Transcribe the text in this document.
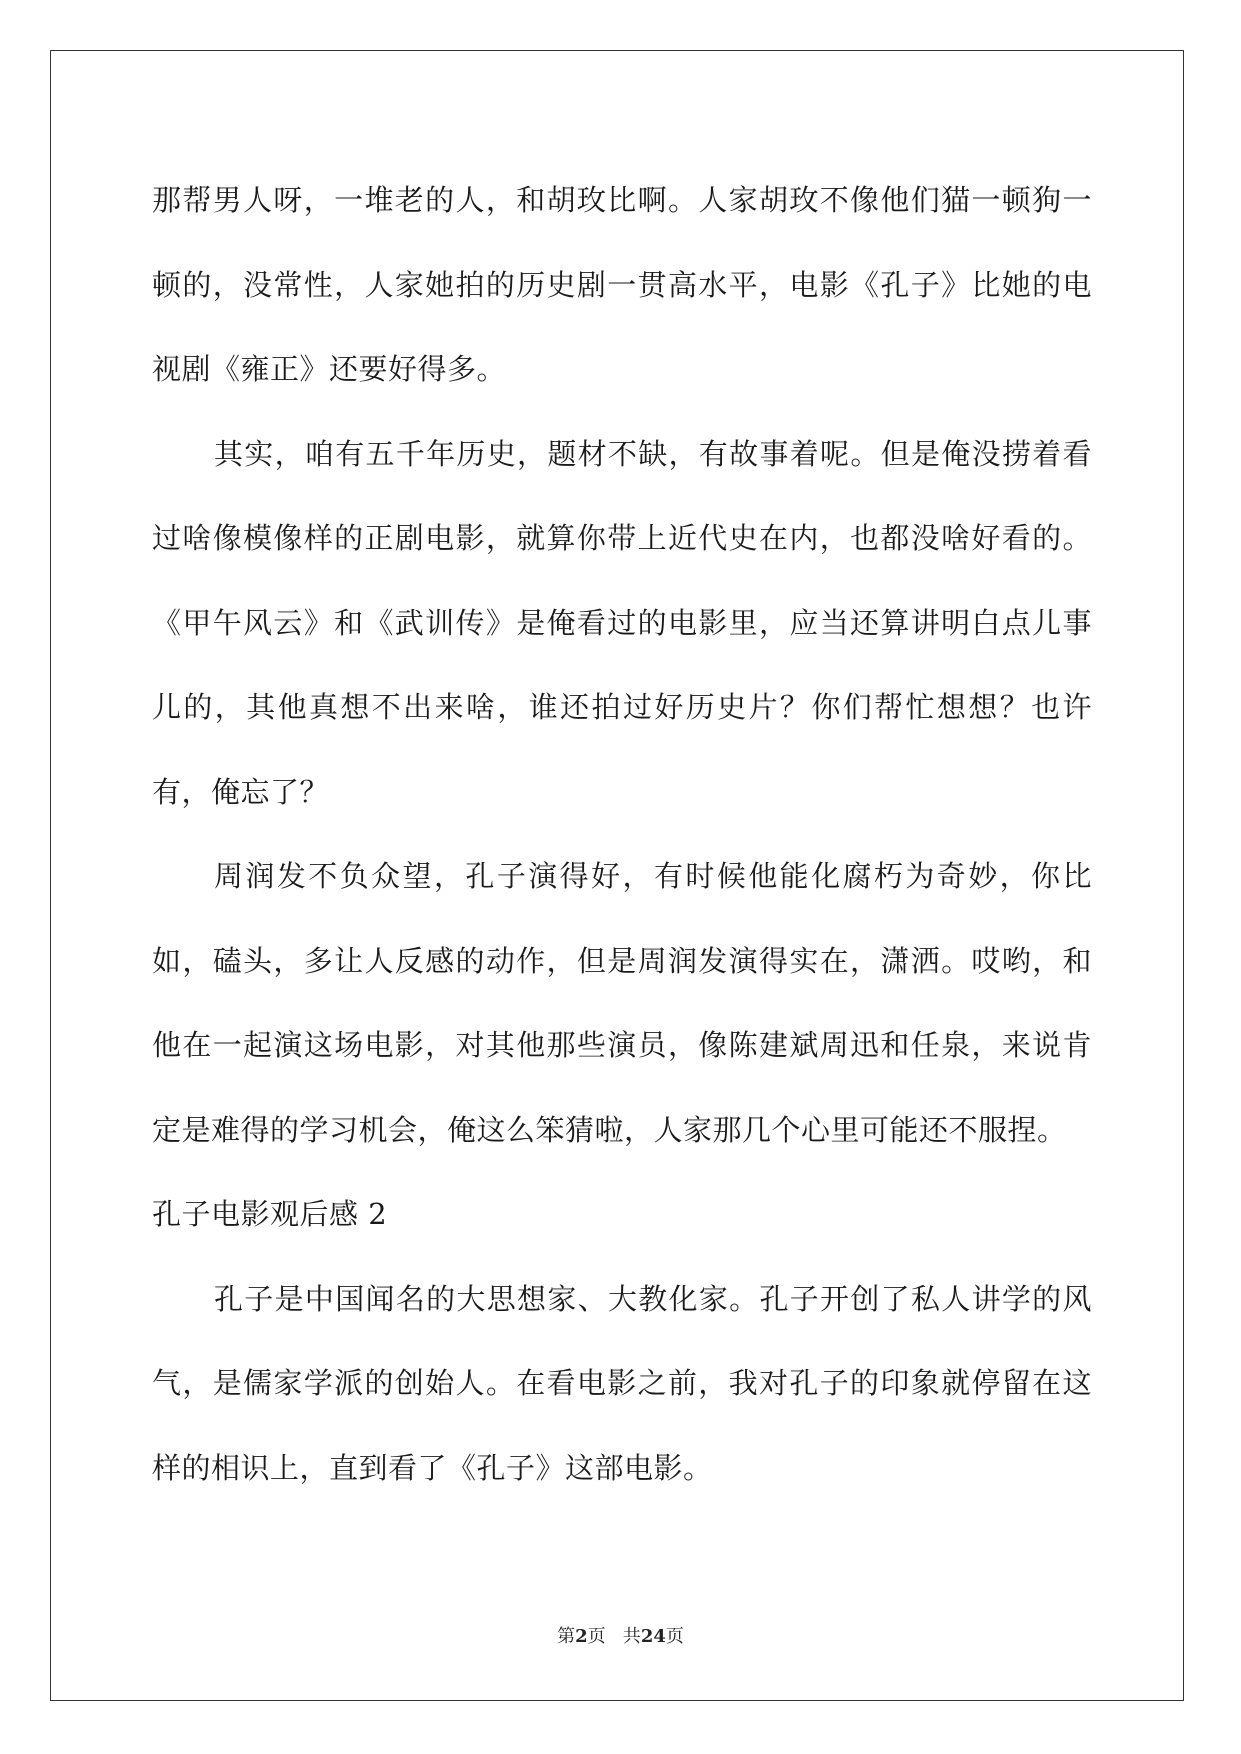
那帮男人呀，一堆老的人，和胡玫比啊。人家胡玫不像他们猫一顿狗一顿的，没常性，人家她拍的历史剧一贯高水平，电影《孔子》比她的电视剧《雍正》还要好得多。

其实，咱有五千年历史，题材不缺，有故事着呢。但是俺没捞着看过啥像模像样的正剧电影，就算你带上近代史在内，也都没啥好看的。《甲午风云》和《武训传》是俺看过的电影里，应当还算讲明白点儿事儿的，其他真想不出来啥，谁还拍过好历史片？你们帮忙想想？也许有，俺忘了？

周润发不负众望，孔子演得好，有时候他能化腐朽为奇妙，你比如，磕头，多让人反感的动作，但是周润发演得实在，潇洒。哎哟，和他在一起演这场电影，对其他那些演员，像陈建斌周迅和任泉，来说肯定是难得的学习机会，俺这么笨猜啦，人家那几个心里可能还不服捏。

孔子电影观后感 2

孔子是中国闻名的大思想家、大教化家。孔子开创了私人讲学的风气，是儒家学派的创始人。在看电影之前，我对孔子的印象就停留在这样的相识上，直到看了《孔子》这部电影。

第2页 共24页
